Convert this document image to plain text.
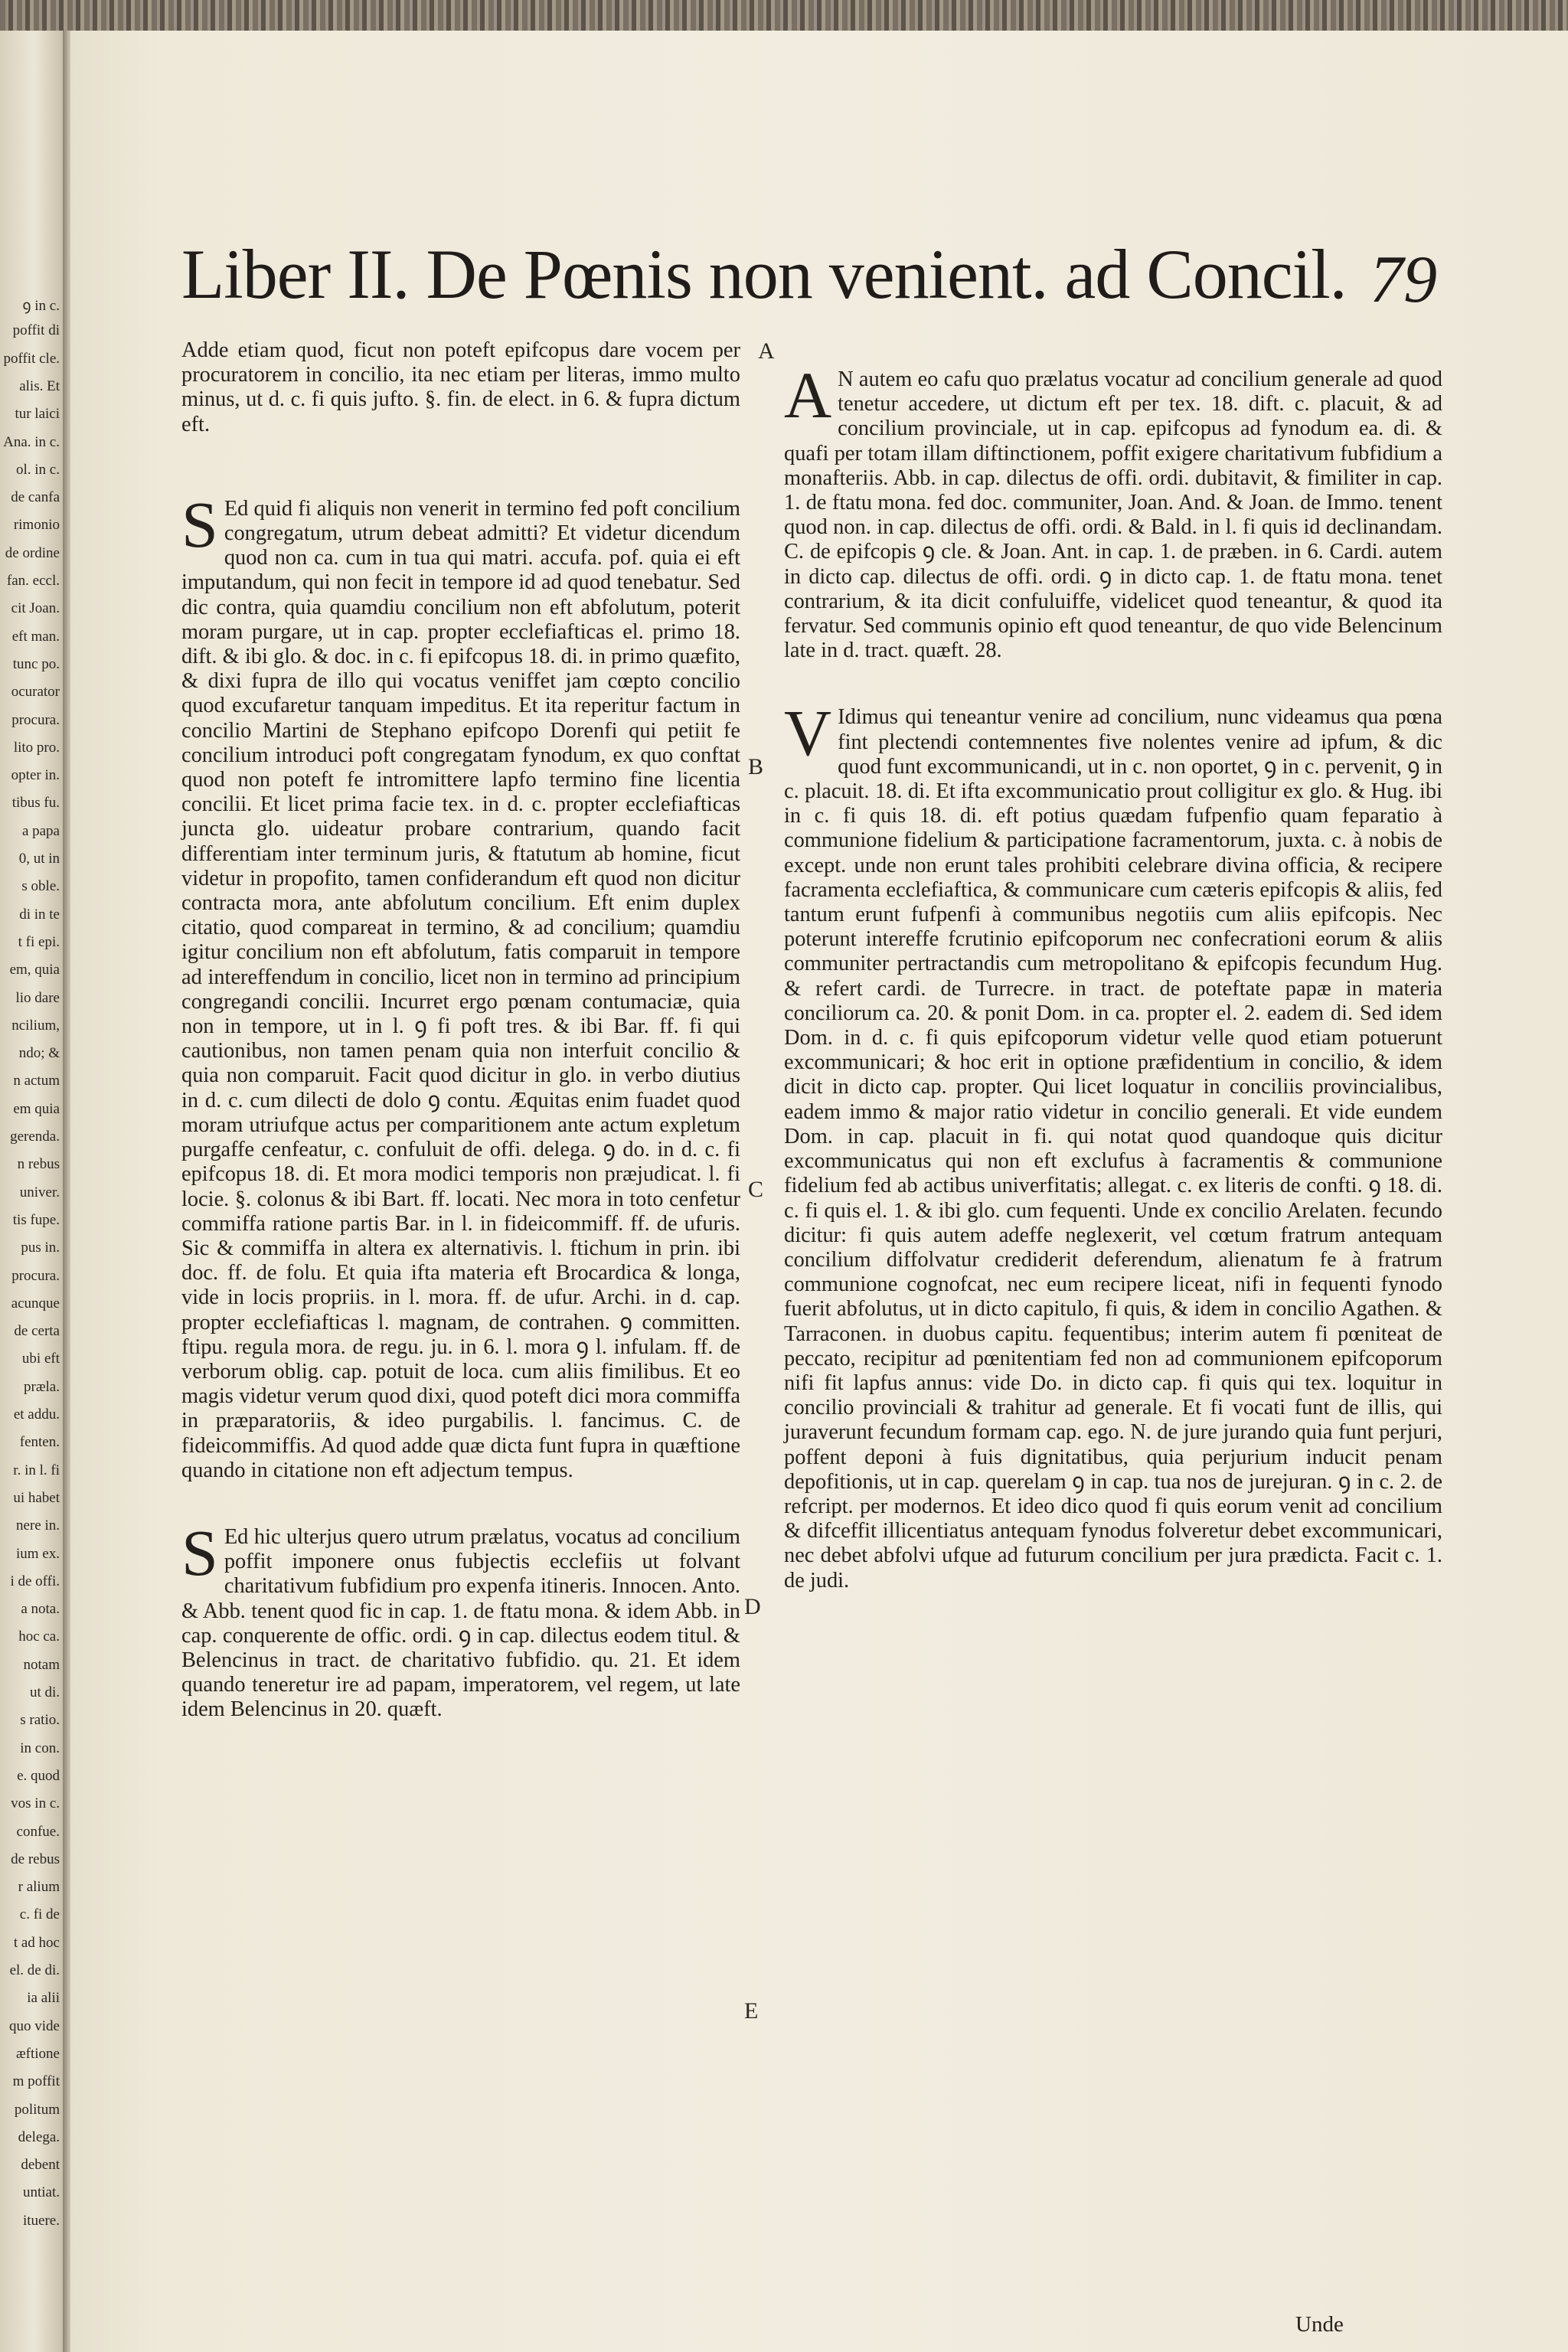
ꝯ in c.
poffit di
poffit cle.
alis. Et
tur laici
Ana. in c.
ol. in c.
de canfa
rimonio
de ordine
fan. eccl.
cit Joan.
eft man.
tunc po.
ocurator
procura.
lito pro.
opter in.
tibus fu.
a papa
0, ut in
s oble.
di in te
t fi epi.
em, quia
lio dare
ncilium,
ndo; &
n actum
em quia
gerenda.
n rebus
univer.
tis fupe.
pus in.
procura.
acunque
de certa
ubi eft
præla.
et addu.
fenten.
r. in l. fi
ui habet
nere in.
ium ex.
i de offi.
a nota.
hoc ca.
notam
ut di.
s ratio.
in con.
e. quod
vos in c.
confue.
de rebus
r alium
c. fi de
t ad hoc
el. de di.
ia alii
quo vide
æftione
m poffit
politum
delega.
debent
untiat.
ituere.
Liber II. De Pœnis non venient. ad Concil. 79

Adde etiam quod, ficut non poteft epifcopus dare vocem per procuratorem in concilio, ita nec etiam per literas, immo multo minus, ut d. c. fi quis jufto. §. fin. de elect. in 6. & fupra dictum eft.

S Ed quid fi aliquis non venerit in termino fed poft concilium congregatum, utrum debeat admitti? Et videtur dicendum quod non ca. cum in tua qui matri. accufa. pof. quia ei eft imputandum, qui non fecit in tempore id ad quod tenebatur. Sed dic contra, quia quamdiu concilium non eft abfolutum, poterit moram purgare, ut in cap. propter ecclefiafticas el. primo 18. dift. & ibi glo. & doc. in c. fi epifcopus 18. di. in primo quæfito, & dixi fupra de illo qui vocatus veniffet jam cœpto concilio quod excufaretur tanquam impeditus. Et ita reperitur factum in concilio Martini de Stephano epifcopo Dorenfi qui petiit fe concilium introduci poft congregatam fynodum, ex quo conftat quod non poteft fe intromittere lapfo termino fine licentia concilii. Et licet prima facie tex. in d. c. propter ecclefiafticas juncta glo. uideatur probare contrarium, quando facit differentiam inter terminum juris, & ftatutum ab homine, ficut videtur in propofito, tamen confiderandum eft quod non dicitur contracta mora, ante abfolutum concilium. Eft enim duplex citatio, quod compareat in termino, & ad concilium; quamdiu igitur concilium non eft abfolutum, fatis comparuit in tempore ad intereffendum in concilio, licet non in termino ad principium congregandi concilii. Incurret ergo pœnam contumaciæ, quia non in tempore, ut in l. ꝯ fi poft tres. & ibi Bar. ff. fi qui cautionibus, non tamen penam quia non interfuit concilio & quia non comparuit. Facit quod dicitur in glo. in verbo diutius in d. c. cum dilecti de dolo ꝯ contu. Æquitas enim fuadet quod moram utriufque actus per comparitionem ante actum expletum purgaffe cenfeatur, c. confuluit de offi. delega. ꝯ do. in d. c. fi epifcopus 18. di. Et mora modici temporis non præjudicat. l. fi locie. §. colonus & ibi Bart. ff. locati. Nec mora in toto cenfetur commiffa ratione partis Bar. in l. in fideicommiff. ff. de ufuris. Sic & commiffa in altera ex alternativis. l. ftichum in prin. ibi doc. ff. de folu. Et quia ifta materia eft Brocardica & longa, vide in locis propriis. in l. mora. ff. de ufur. Archi. in d. cap. propter ecclefiafticas l. magnam, de contrahen. ꝯ committen. ftipu. regula mora. de regu. ju. in 6. l. mora ꝯ l. infulam. ff. de verborum oblig. cap. potuit de loca. cum aliis fimilibus. Et eo magis videtur verum quod dixi, quod poteft dici mora commiffa in præparatoriis, & ideo purgabilis. l. fancimus. C. de fideicommiffis. Ad quod adde quæ dicta funt fupra in quæftione quando in citatione non eft adjectum tempus.

S Ed hic ulterjus quero utrum prælatus, vocatus ad concilium poffit imponere onus fubjectis ecclefiis ut folvant charitativum fubfidium pro expenfa itineris. Innocen. Anto. & Abb. tenent quod fic in cap. 1. de ftatu mona. & idem Abb. in cap. conquerente de offic. ordi. ꝯ in cap. dilectus eodem titul. & Belencinus in tract. de charitativo fubfidio. qu. 21. Et idem quando teneretur ire ad papam, imperatorem, vel regem, ut late idem Belencinus in 20. quæft.

A N autem eo cafu quo prælatus vocatur ad concilium generale ad quod tenetur accedere, ut dictum eft per tex. 18. dift. c. placuit, & ad concilium provinciale, ut in cap. epifcopus ad fynodum ea. di. & quafi per totam illam diftinctionem, poffit exigere charitativum fubfidium a monafteriis. Abb. in cap. dilectus de offi. ordi. dubitavit, & fimiliter in cap. 1. de ftatu mona. fed doc. communiter, Joan. And. & Joan. de Immo. tenent quod non. in cap. dilectus de offi. ordi. & Bald. in l. fi quis id declinandam. C. de epifcopis ꝯ cle. & Joan. Ant. in cap. 1. de præben. in 6. Cardi. autem in dicto cap. dilectus de offi. ordi. ꝯ in dicto cap. 1. de ftatu mona. tenet contrarium, & ita dicit confuluiffe, videlicet quod teneantur, & quod ita fervatur. Sed communis opinio eft quod teneantur, de quo vide Belencinum late in d. tract. quæft. 28.

V Idimus qui teneantur venire ad concilium, nunc videamus qua pœna fint plectendi contemnentes five nolentes venire ad ipfum, & dic quod funt excommunicandi, ut in c. non oportet, ꝯ in c. pervenit, ꝯ in c. placuit. 18. di. Et ifta excommunicatio prout colligitur ex glo. & Hug. ibi in c. fi quis 18. di. eft potius quædam fufpenfio quam feparatio à communione fidelium & participatione facramentorum, juxta. c. à nobis de except. unde non erunt tales prohibiti celebrare divina officia, & recipere facramenta ecclefiaftica, & communicare cum cæteris epifcopis & aliis, fed tantum erunt fufpenfi à communibus negotiis cum aliis epifcopis. Nec poterunt intereffe fcrutinio epifcoporum nec confecrationi eorum & aliis communiter pertractandis cum metropolitano & epifcopis fecundum Hug. & refert cardi. de Turrecre. in tract. de poteftate papæ in materia conciliorum ca. 20. & ponit Dom. in ca. propter el. 2. eadem di. Sed idem Dom. in d. c. fi quis epifcoporum videtur velle quod etiam potuerunt excommunicari; & hoc erit in optione præfidentium in concilio, & idem dicit in dicto cap. propter. Qui licet loquatur in conciliis provincialibus, eadem immo & major ratio videtur in concilio generali. Et vide eundem Dom. in cap. placuit in fi. qui notat quod quandoque quis dicitur excommunicatus qui non eft exclufus à facramentis & communione fidelium fed ab actibus univerfitatis; allegat. c. ex literis de confti. ꝯ 18. di. c. fi quis el. 1. & ibi glo. cum fequenti. Unde ex concilio Arelaten. fecundo dicitur: fi quis autem adeffe neglexerit, vel cœtum fratrum antequam concilium diffolvatur crediderit deferendum, alienatum fe à fratrum communione cognofcat, nec eum recipere liceat, nifi in fequenti fynodo fuerit abfolutus, ut in dicto capitulo, fi quis, & idem in concilio Agathen. & Tarraconen. in duobus capitu. fequentibus; interim autem fi pœniteat de peccato, recipitur ad pœnitentiam fed non ad communionem epifcoporum nifi fit lapfus annus: vide Do. in dicto cap. fi quis qui tex. loquitur in concilio provinciali & trahitur ad generale. Et fi vocati funt de illis, qui juraverunt fecundum formam cap. ego. N. de jure jurando quia funt perjuri, poffent deponi à fuis dignitatibus, quia perjurium inducit penam depofitionis, ut in cap. querelam ꝯ in cap. tua nos de jurejuran. ꝯ in c. 2. de refcript. per modernos. Et ideo dico quod fi quis eorum venit ad concilium & difceffit illicentiatus antequam fynodus folveretur debet excommunicari, nec debet abfolvi ufque ad futurum concilium per jura prædicta. Facit c. 1. de judi.

A
B
C
D
E
Unde
